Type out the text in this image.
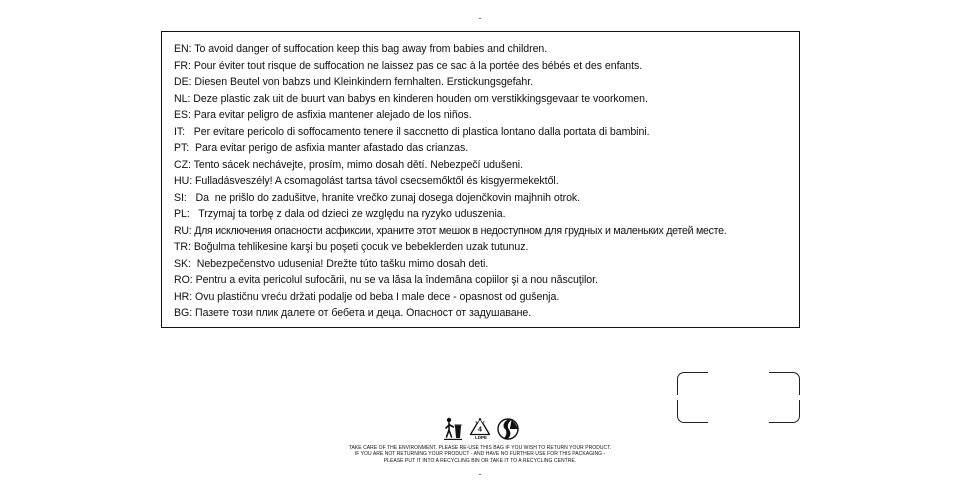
EN: To avoid danger of suffocation keep this bag away from babies and children.
FR: Pour éviter tout risque de suffocation ne laissez pas ce sac à la portée des bébés et des enfants.
DE: Diesen Beutel von babzs und Kleinkindern fernhalten. Erstickungsgefahr.
NL: Deze plastic zak uit de buurt van babys en kinderen houden om verstikkingsgevaar te voorkomen.
ES: Para evitar peligro de asfixia mantener alejado de los niños.
IT:   Per evitare pericolo di soffocamento tenere il saccnetto di plastica lontano dalla portata di bambini.
PT:  Para evitar perigo de asfixia manter afastado das crianzas.
CZ: Tento sácek nechávejte, prosím, mimo dosah dětí. Nebezpečí udušeni.
HU: Fulladásveszély! A csomagolást tartsa távol csecsemőktől és kisgyermekektől.
SI:   Da  ne prišlo do zadušitve, hranite vrečko zunaj dosega dojenčkovin majhnih otrok.
PL:   Trzymaj ta torbę z dala od dzieci ze względu na ryzyko uduszenia.
RU: Для исключения опасности асфиксии, храните этот мешок в недоступном для грудных и маленьких детей месте.
TR: Boğulma tehlikesine karşi bu poşeti çocuk ve bebeklerden uzak tutunuz.
SK:  Nebezpečenstvo udusenia! Drežte túto tašku mimo dosah deti.
RO: Pentru a evita pericolul sufocării, nu se va lăsa la îndemâna copiilor şi a nou născuţilor.
HR: Ovu plastičnu vreću držati podalje od beba I male dece - opasnost od gušenja.
BG: Пазете този плик далете от бебета и деца. Опасност от задушаване.
4
LDPE
TAKE CARE OF THE ENVIRONMENT. PLEASE RE-USE THIS BAG IF YOU WISH TO RETURN YOUR PRODUCT.
IF YOU ARE NOT RETURNING YOUR PRODUCT - AND HAVE NO FURTHER USE FOR THIS PACKAGING -
PLEASE PUT IT INTO A RECYCLING BIN OR TAKE IT TO A RECYCLING CENTRE.
